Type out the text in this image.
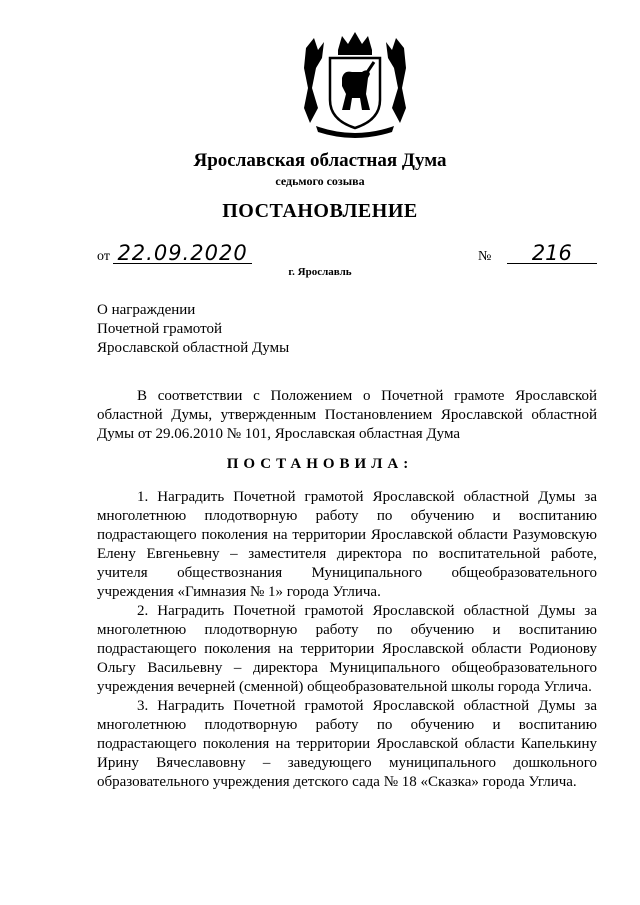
Ярославская областная Дума
седьмого созыва
ПОСТАНОВЛЕНИЕ
от 22.09.2020	№ 216
г. Ярославль
О награждении
Почетной грамотой
Ярославской областной Думы

В соответствии с Положением о Почетной грамоте Ярославской областной Думы, утвержденным Постановлением Ярославской областной Думы от 29.06.2010 № 101, Ярославская областная Дума

ПОСТАНОВИЛА:

1. Наградить Почетной грамотой Ярославской областной Думы за многолетнюю плодотворную работу по обучению и воспитанию подрастающего поколения на территории Ярославской области Разумовскую Елену Евгеньевну – заместителя директора по воспитательной работе, учителя обществознания Муниципального общеобразовательного учреждения «Гимназия № 1» города Углича.

2. Наградить Почетной грамотой Ярославской областной Думы за многолетнюю плодотворную работу по обучению и воспитанию подрастающего поколения на территории Ярославской области Родионову Ольгу Васильевну – директора Муниципального общеобразовательного учреждения вечерней (сменной) общеобразовательной школы города Углича.

3. Наградить Почетной грамотой Ярославской областной Думы за многолетнюю плодотворную работу по обучению и воспитанию подрастающего поколения на территории Ярославской области Капелькину Ирину Вячеславовну – заведующего муниципального дошкольного образовательного учреждения детского сада № 18 «Сказка» города Углича.
